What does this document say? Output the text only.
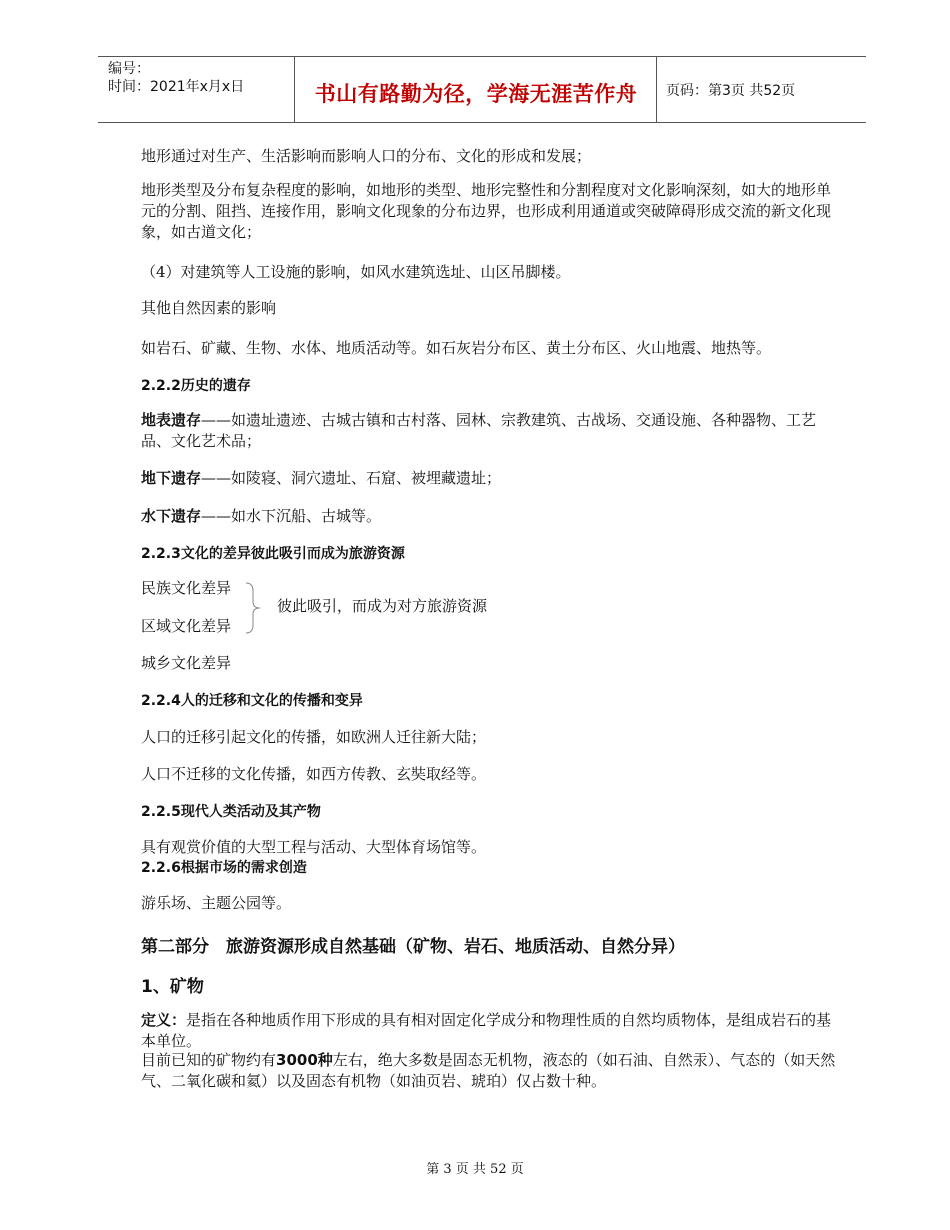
编号：
时间：2021年x月x日	书山有路勤为径，学海无涯苦作舟	页码：第3页 共52页
地形通过对生产、生活影响而影响人口的分布、文化的形成和发展；
地形类型及分布复杂程度的影响，如地形的类型、地形完整性和分割程度对文化影响深刻，如大的地形单元的分割、阻挡、连接作用，影响文化现象的分布边界，也形成利用通道或突破障碍形成交流的新文化现象，如古道文化；
（4）对建筑等人工设施的影响，如风水建筑选址、山区吊脚楼。
其他自然因素的影响
如岩石、矿藏、生物、水体、地质活动等。如石灰岩分布区、黄土分布区、火山地震、地热等。
2.2.2历史的遗存
地表遗存——如遗址遗迹、古城古镇和古村落、园林、宗教建筑、古战场、交通设施、各种器物、工艺品、文化艺术品；
地下遗存——如陵寝、洞穴遗址、石窟、被埋藏遗址；
水下遗存——如水下沉船、古城等。
2.2.3文化的差异彼此吸引而成为旅游资源
民族文化差异
区域文化差异
彼此吸引，而成为对方旅游资源
城乡文化差异
2.2.4人的迁移和文化的传播和变异
人口的迁移引起文化的传播，如欧洲人迁往新大陆；
人口不迁移的文化传播，如西方传教、玄奘取经等。
2.2.5现代人类活动及其产物
具有观赏价值的大型工程与活动、大型体育场馆等。
2.2.6根据市场的需求创造
游乐场、主题公园等。
第二部分　旅游资源形成自然基础（矿物、岩石、地质活动、自然分异）
1、矿物
定义：是指在各种地质作用下形成的具有相对固定化学成分和物理性质的自然均质物体，是组成岩石的基本单位。
目前已知的矿物约有3000种左右，绝大多数是固态无机物，液态的（如石油、自然汞）、气态的（如天然气、二氧化碳和氦）以及固态有机物（如油页岩、琥珀）仅占数十种。
第 3 页 共 52 页
